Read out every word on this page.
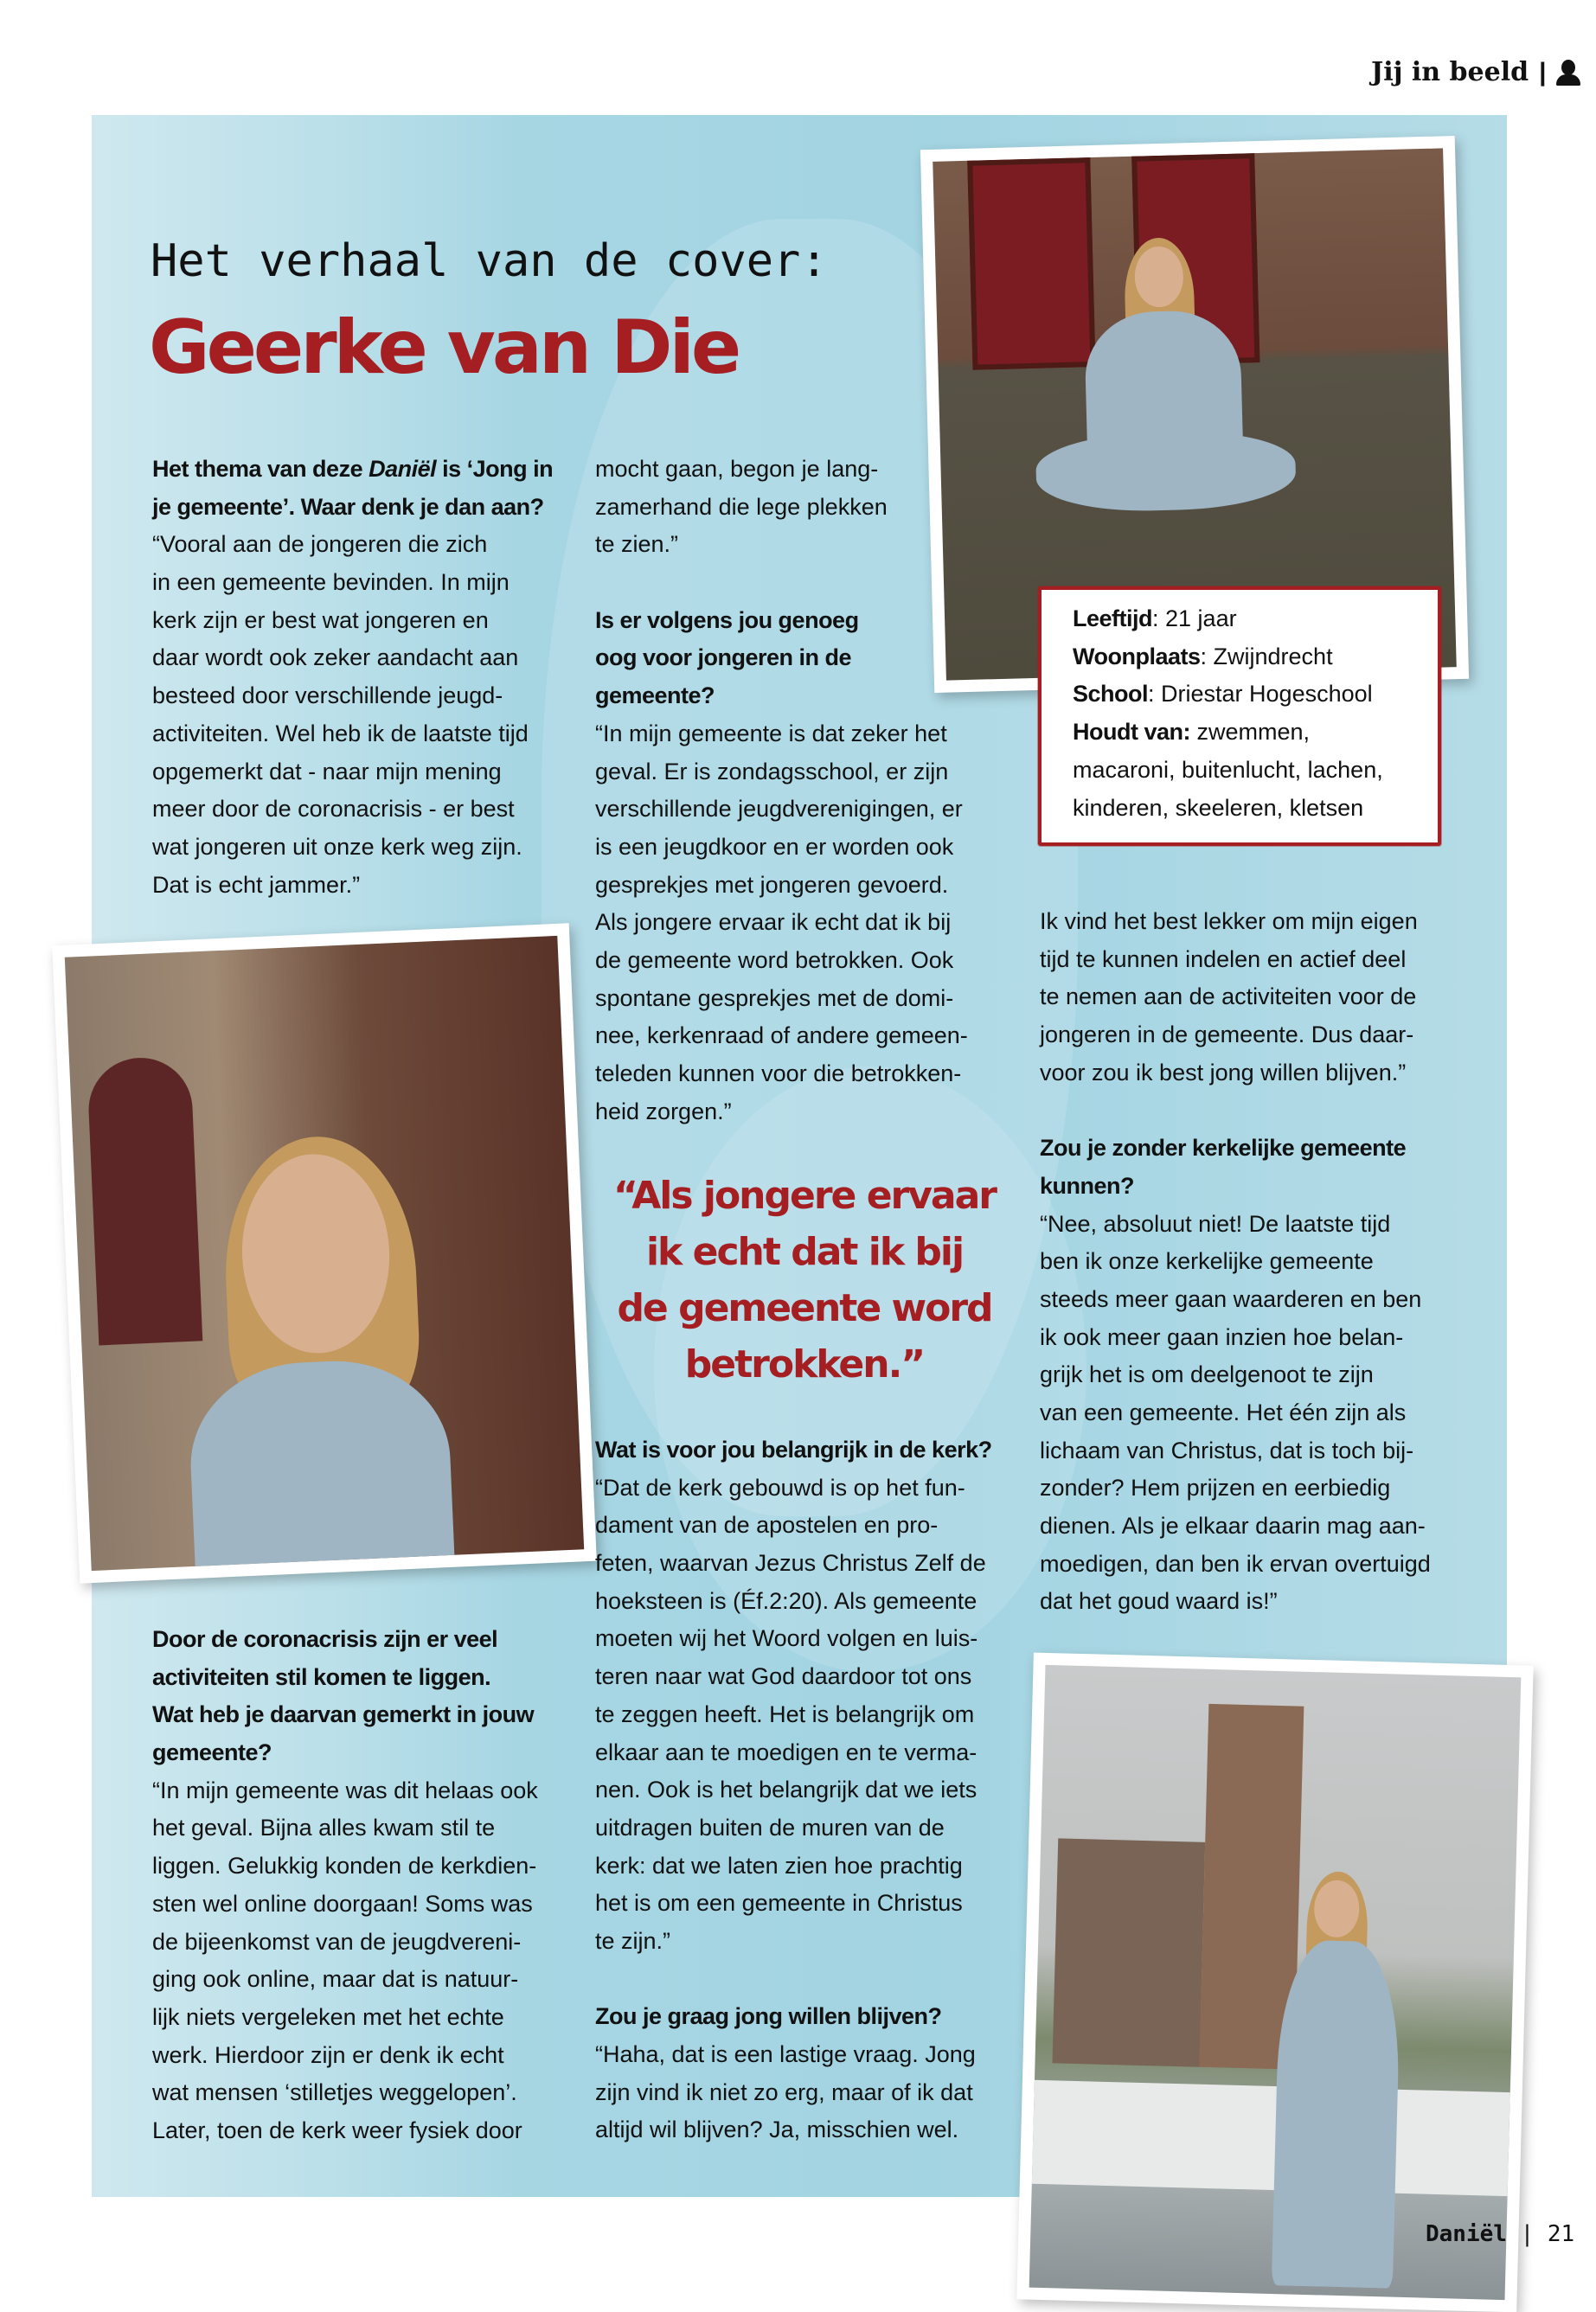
Jij in beeld |
Het verhaal van de cover:
Geerke van Die
Leeftijd: 21 jaar
Woonplaats: Zwijndrecht
School: Driestar Hogeschool
Houdt van: zwemmen,
macaroni, buitenlucht, lachen,
kinderen, skeeleren, kletsen
Het thema van deze Daniël is ‘Jong in
je gemeente’. Waar denk je dan aan?
“Vooral aan de jongeren die zich
in een gemeente bevinden. In mijn
kerk zijn er best wat jongeren en
daar wordt ook zeker aandacht aan
besteed door verschillende jeugd-
activiteiten. Wel heb ik de laatste tijd
opgemerkt dat - naar mijn mening
meer door de coronacrisis - er best
wat jongeren uit onze kerk weg zijn.
Dat is echt jammer.”
Door de coronacrisis zijn er veel
activiteiten stil komen te liggen.
Wat heb je daarvan gemerkt in jouw
gemeente?
“In mijn gemeente was dit helaas ook
het geval. Bijna alles kwam stil te
liggen. Gelukkig konden de kerkdien-
sten wel online doorgaan! Soms was
de bijeenkomst van de jeugdvereni-
ging ook online, maar dat is natuur-
lijk niets vergeleken met het echte
werk. Hierdoor zijn er denk ik echt
wat mensen ‘stilletjes weggelopen’.
Later, toen de kerk weer fysiek door
mocht gaan, begon je lang-
zamerhand die lege plekken
te zien.”
Is er volgens jou genoeg
oog voor jongeren in de
gemeente?
“In mijn gemeente is dat zeker het
geval. Er is zondagsschool, er zijn
verschillende jeugdverenigingen, er
is een jeugdkoor en er worden ook
gesprekjes met jongeren gevoerd.
Als jongere ervaar ik echt dat ik bij
de gemeente word betrokken. Ook
spontane gesprekjes met de domi-
nee, kerkenraad of andere gemeen-
teleden kunnen voor die betrokken-
heid zorgen.”
“Als jongere ervaar
ik echt dat ik bij
de gemeente word
betrokken.”
Wat is voor jou belangrijk in de kerk?
“Dat de kerk gebouwd is op het fun-
dament van de apostelen en pro-
feten, waarvan Jezus Christus Zelf de
hoeksteen is (Éf.2:20). Als gemeente
moeten wij het Woord volgen en luis-
teren naar wat God daardoor tot ons
te zeggen heeft. Het is belangrijk om
elkaar aan te moedigen en te verma-
nen. Ook is het belangrijk dat we iets
uitdragen buiten de muren van de
kerk: dat we laten zien hoe prachtig
het is om een gemeente in Christus
te zijn.”
Zou je graag jong willen blijven?
“Haha, dat is een lastige vraag. Jong
zijn vind ik niet zo erg, maar of ik dat
altijd wil blijven? Ja, misschien wel.
Ik vind het best lekker om mijn eigen
tijd te kunnen indelen en actief deel
te nemen aan de activiteiten voor de
jongeren in de gemeente. Dus daar-
voor zou ik best jong willen blijven.”
Zou je zonder kerkelijke gemeente
kunnen?
“Nee, absoluut niet! De laatste tijd
ben ik onze kerkelijke gemeente
steeds meer gaan waarderen en ben
ik ook meer gaan inzien hoe belan-
grijk het is om deelgenoot te zijn
van een gemeente. Het één zijn als
lichaam van Christus, dat is toch bij-
zonder? Hem prijzen en eerbiedig
dienen. Als je elkaar daarin mag aan-
moedigen, dan ben ik ervan overtuigd
dat het goud waard is!”
Daniël | 21
